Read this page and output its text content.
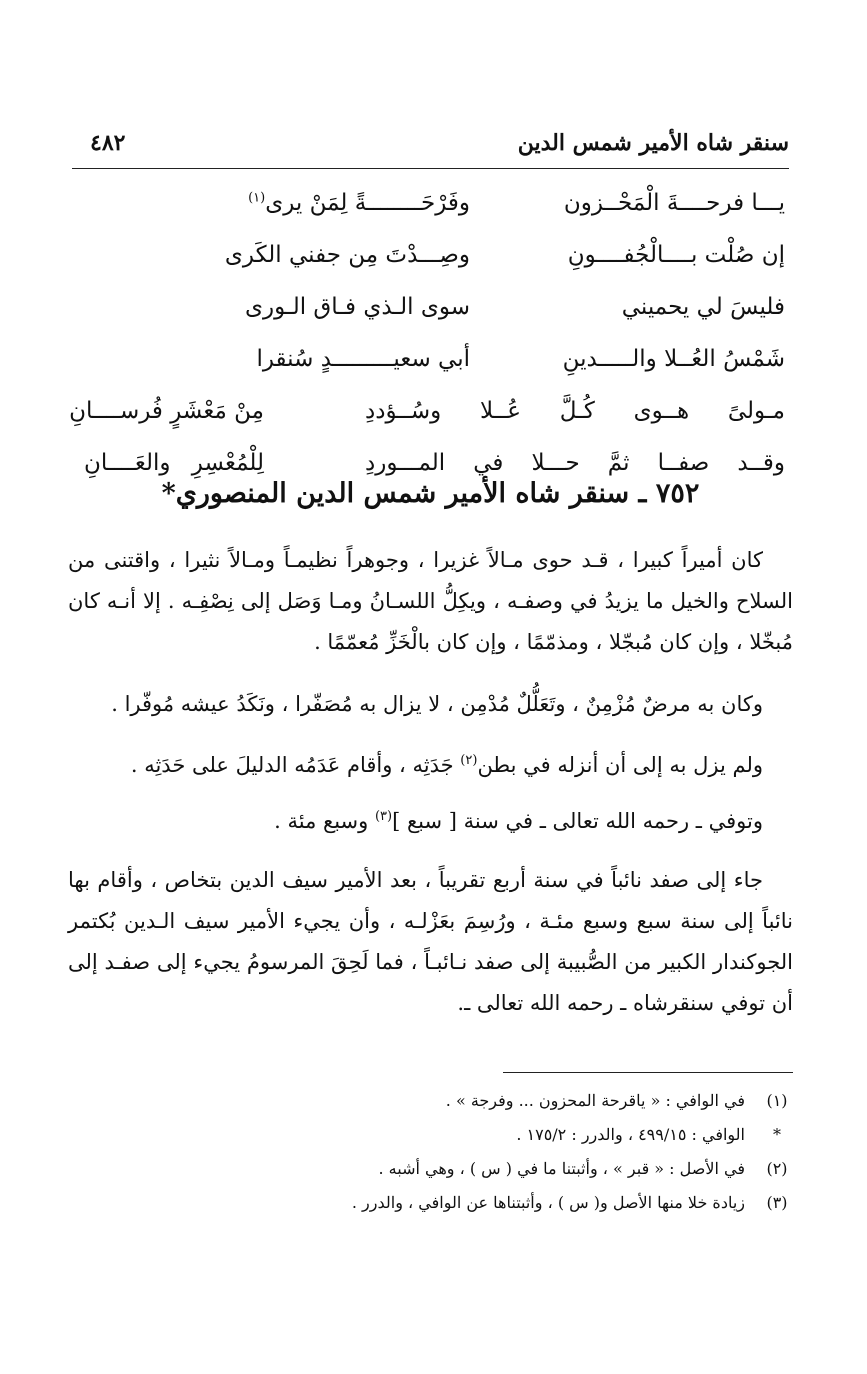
سنقر شاه الأمير شمس الدين
٤٨٢
يـــا فرحــــةَ الْمَحْــزون
وفَرْحَــــــــةً لِمَنْ يرى$^{(١)}$
إن صُلْت بــــالْجُفــــونِ
وصِـــدْتَ مِن جفني الكَرى
فليسَ لي يحميني
سوى الـذي فـاق الـورى
شَمْسُ العُــلا والـــــدينِ
أبي سعيـــــــــدٍ سُنقرا
مـولىً هــوى كُـلَّ عُــلا وسُــؤددِ
مِنْ مَعْشَرٍ فُرســــانِ
وقــد صفــا ثمَّ حـــلا في المـــوردِ
لِلْمُعْسِرِ والعَــــانِ
٧٥٢ ـ سنقر شاه الأمير شمس الدين المنصوري*

كان أميراً كبيرا ، قـد حوى مـالاً غزيرا ، وجوهراً نظيمـاً ومـالاً نثيرا ، واقتنى من السلاح والخيل ما يزيدُ في وصفـه ، ويكِلُّ اللسـانُ ومـا وَصَل إلى نِصْفِـه . إلا أنـه كان مُبخّلا ، وإن كان مُبجّلا ، ومذمّمًا ، وإن كان بالْخَزِّ مُعمّمًا .

وكان به مرضٌ مُزْمِنٌ ، وتَعَلُّلٌ مُدْمِن ، لا يزال به مُصَفّرا ، ونَكَدُ عيشه مُوفّرا .

ولم يزل به إلى أن أنزله في بطن$^{(٢)}$ جَدَثِه ، وأقام عَدَمُه الدليلَ على حَدَثِه .

وتوفي ـ رحمه الله تعالى ـ في سنة [ سبع ]$^{(٣)}$ وسبع مئة .

جاء إلى صفد نائباً في سنة أربع تقريباً ، بعد الأمير سيف الدين بتخاص ، وأقام بها نائباً إلى سنة سبع وسبع مئـة ، ورُسِمَ بعَزْلـه ، وأن يجيء الأمير سيف الـدين بُكتمر الجوكندار الكبير من الصُّبيبة إلى صفد نـائبـاً ، فما لَحِقَ المرسومُ يجيء إلى صفـد إلى أن توفي سنقرشاه ـ رحمه الله تعالى ـ.

(١)
في الوافي : « ياقرحة المحزون ... وفرجة » .
*
الوافي : ٤٩٩/١٥ ، والدرر : ١٧٥/٢ .
(٢)
في الأصل : « قبر » ، وأثبتنا ما في ( س ) ، وهي أشبه .
(٣)
زيادة خلا منها الأصل و( س ) ، وأثبتناها عن الوافي ، والدرر .
